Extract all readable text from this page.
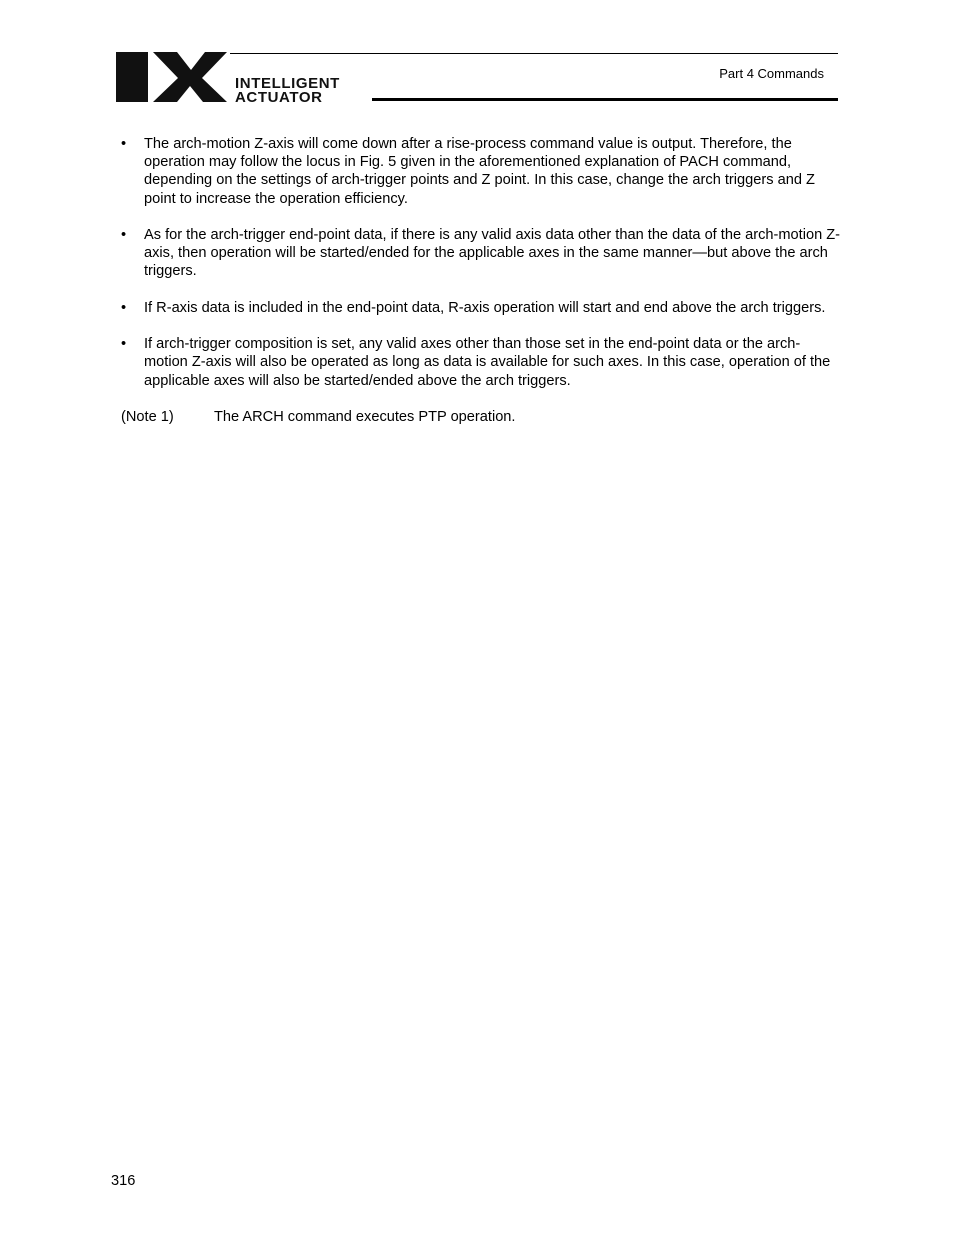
INTELLIGENT
ACTUATOR
Part 4 Commands
•	The arch-motion Z-axis will come down after a rise-process command value is output. Therefore, the operation may follow the locus in Fig. 5 given in the aforementioned explanation of PACH command, depending on the settings of arch-trigger points and Z point. In this case, change the arch triggers and Z point to increase the operation efficiency.
•	As for the arch-trigger end-point data, if there is any valid axis data other than the data of the arch-motion Z-axis, then operation will be started/ended for the applicable axes in the same manner—but above the arch triggers.
•	If R-axis data is included in the end-point data, R-axis operation will start and end above the arch triggers.
•	If arch-trigger composition is set, any valid axes other than those set in the end-point data or the arch-motion Z-axis will also be operated as long as data is available for such axes. In this case, operation of the applicable axes will also be started/ended above the arch triggers.
(Note 1)	The ARCH command executes PTP operation.
316
